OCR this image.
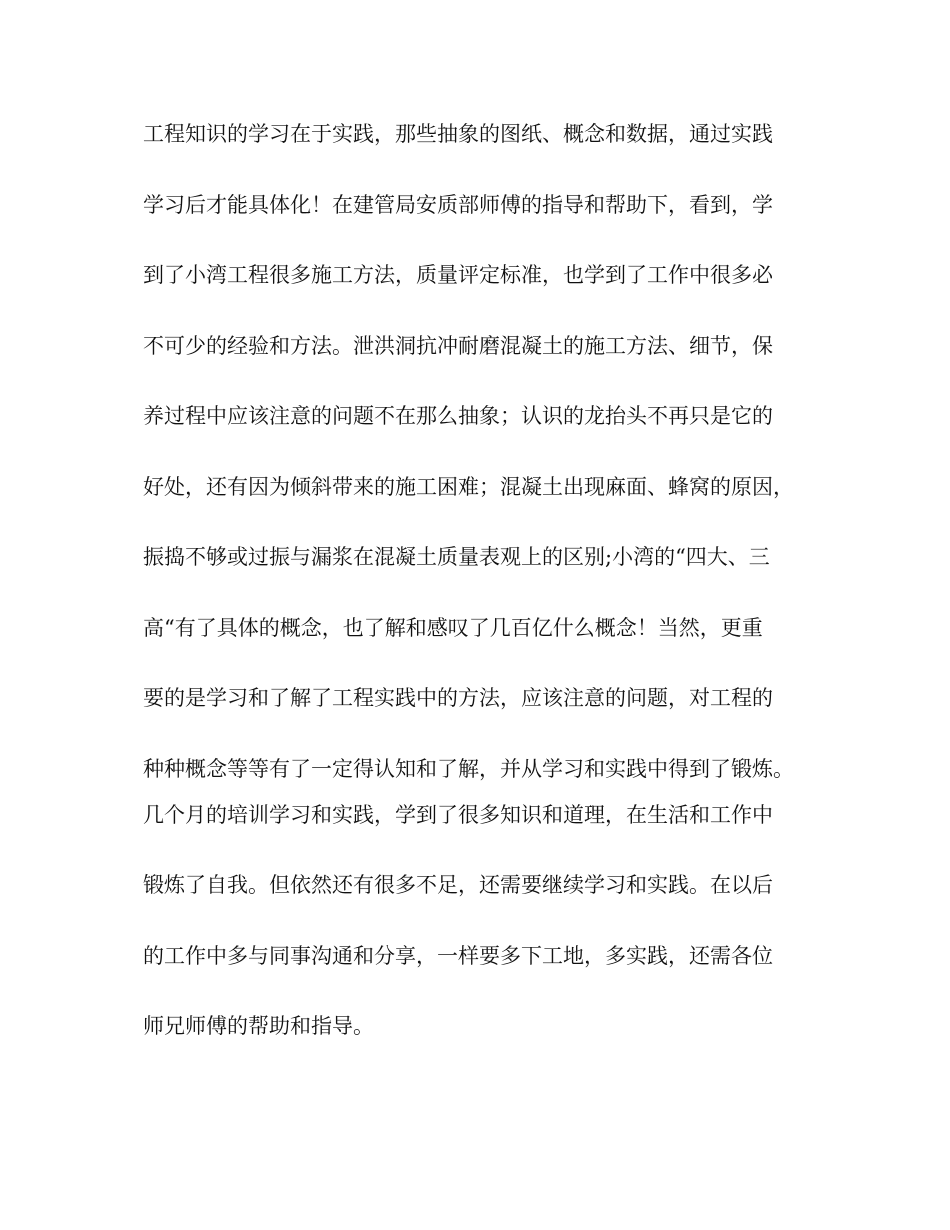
工程知识的学习在于实践，那些抽象的图纸、概念和数据，通过实践

学习后才能具体化！在建管局安质部师傅的指导和帮助下，看到，学

到了小湾工程很多施工方法，质量评定标准，也学到了工作中很多必

不可少的经验和方法。泄洪洞抗冲耐磨混凝土的施工方法、细节，保

养过程中应该注意的问题不在那么抽象；认识的龙抬头不再只是它的

好处，还有因为倾斜带来的施工困难；混凝土出现麻面、蜂窝的原因，

振捣不够或过振与漏浆在混凝土质量表观上的区别;小湾的“四大、三

高“有了具体的概念，也了解和感叹了几百亿什么概念！当然，更重

要的是学习和了解了工程实践中的方法，应该注意的问题，对工程的

种种概念等等有了一定得认知和了解，并从学习和实践中得到了锻炼。

几个月的培训学习和实践，学到了很多知识和道理，在生活和工作中

锻炼了自我。但依然还有很多不足，还需要继续学习和实践。在以后

的工作中多与同事沟通和分享，一样要多下工地，多实践，还需各位

师兄师傅的帮助和指导。
